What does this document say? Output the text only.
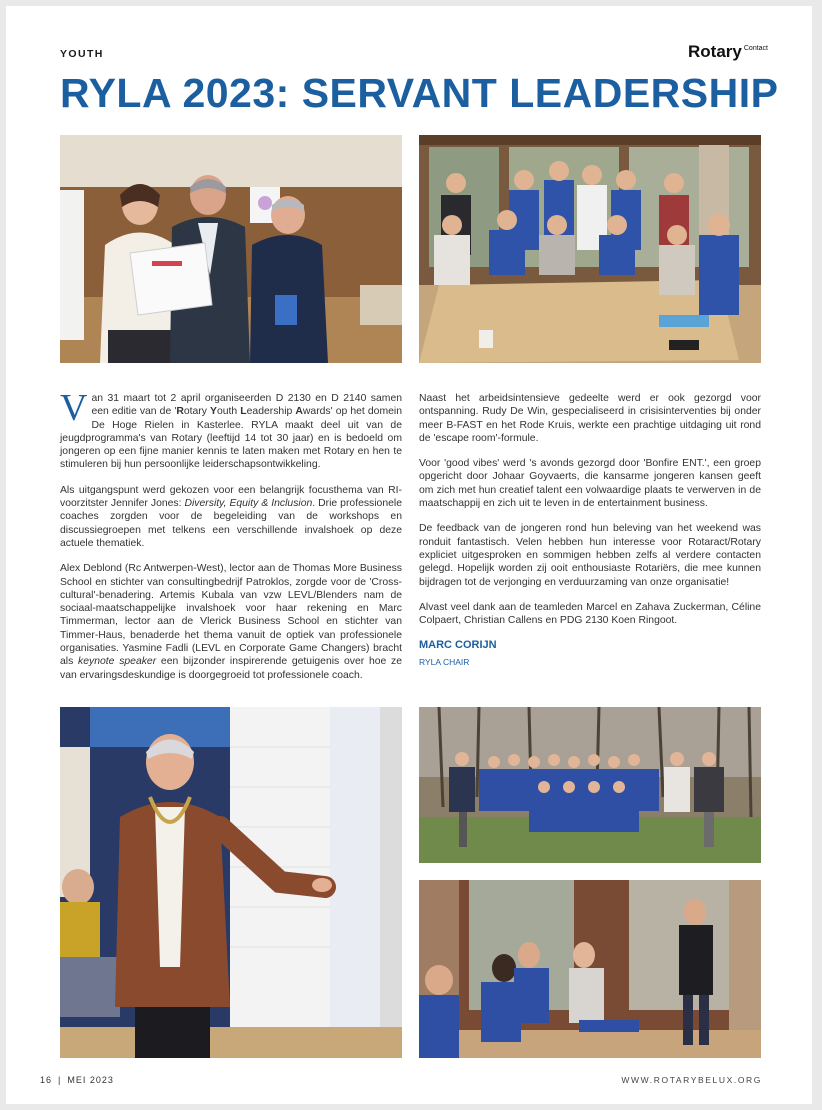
YOUTH	Rotary $^{Contact}$
RYLA 2023: SERVANT LEADERSHIP

Van 31 maart tot 2 april organiseerden D 2130 en D 2140 samen een editie van de 'Rotary Youth Leadership Awards' op het domein De Hoge Rielen in Kasterlee. RYLA maakt deel uit van de jeugdprogramma's van Rotary (leeftijd 14 tot 30 jaar) en is bedoeld om jongeren op een fijne manier kennis te laten maken met Rotary en hen te stimuleren bij hun persoonlijke leiderschapsontwikkeling.

Als uitgangspunt werd gekozen voor een belangrijk focusthema van RI-voorzitster Jennifer Jones: Diversity, Equity & Inclusion. Drie professionele coaches zorgden voor de begeleiding van de workshops en discussiegroepen met telkens een verschillende invalshoek op deze actuele thematiek.

Alex Deblond (Rc Antwerpen-West), lector aan de Thomas More Business School en stichter van consultingbedrijf Patroklos, zorgde voor de 'Cross-cultural'-benadering. Artemis Kubala van vzw LEVL/Blenders nam de sociaal-maatschappelijke invalshoek voor haar rekening en Marc Timmerman, lector aan de Vlerick Business School en stichter van Timmer-Haus, benaderde het thema vanuit de optiek van professionele organisaties. Yasmine Fadli (LEVL en Corporate Game Changers) bracht als keynote speaker een bijzonder inspirerende getuigenis over hoe ze van ervaringsdeskundige is doorgegroeid tot professionele coach.

Naast het arbeidsintensieve gedeelte werd er ook gezorgd voor ontspanning. Rudy De Win, gespecialiseerd in crisisinterventies bij onder meer B-FAST en het Rode Kruis, werkte een prachtige uitdaging uit rond de 'escape room'-formule.

Voor 'good vibes' werd 's avonds gezorgd door 'Bonfire ENT.', een groep opgericht door Johaar Goyvaerts, die kansarme jongeren kansen geeft om zich met hun creatief talent een volwaardige plaats te verwerven in de maatschappij en zich uit te leven in de entertainment business.

De feedback van de jongeren rond hun beleving van het weekend was ronduit fantastisch. Velen hebben hun interesse voor Rotaract/Rotary expliciet uitgesproken en sommigen hebben zelfs al verdere contacten gelegd. Hopelijk worden zij ooit enthousiaste Rotariërs, die mee kunnen bijdragen tot de verjonging en verduurzaming van onze organisatie!

Alvast veel dank aan de teamleden Marcel en Zahava Zuckerman, Céline Colpaert, Christian Callens en PDG 2130 Koen Ringoot.

MARC CORIJN
RYLA CHAIR
16 | MEI 2023	WWW.ROTARYBELUX.ORG
